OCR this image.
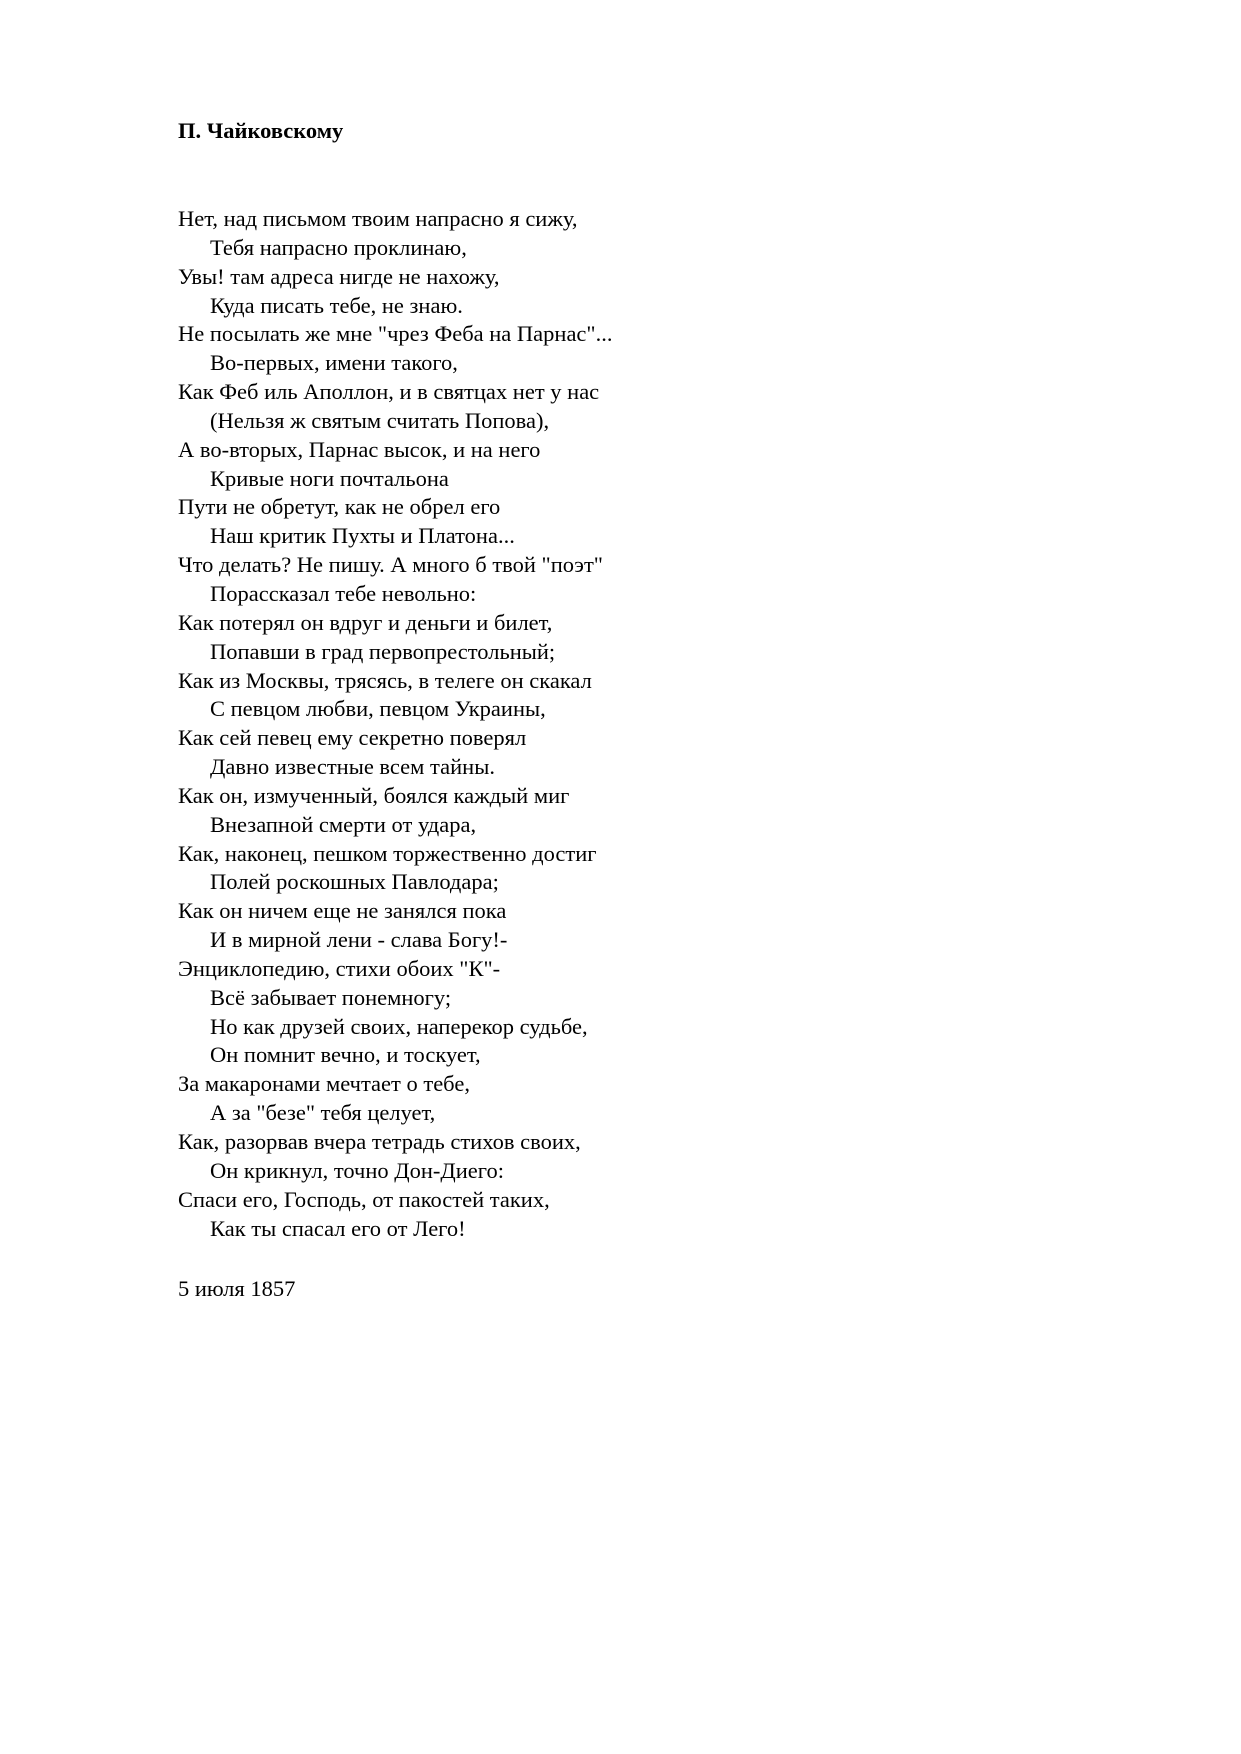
П. Чайковскому
Нет, над письмом твоим напрасно я сижу,
Тебя напрасно проклинаю,
Увы! там адреса нигде не нахожу,
Куда писать тебе, не знаю.
Не посылать же мне "чрез Феба на Парнас"...
Во-первых, имени такого,
Как Феб иль Аполлон, и в святцах нет у нас
(Нельзя ж святым считать Попова),
А во-вторых, Парнас высок, и на него
Кривые ноги почтальона
Пути не обретут, как не обрел его
Наш критик Пухты и Платона...
Что делать? Не пишу. А много б твой "поэт"
Порассказал тебе невольно:
Как потерял он вдруг и деньги и билет,
Попавши в град первопрестольный;
Как из Москвы, трясясь, в телеге он скакал
С певцом любви, певцом Украины,
Как сей певец ему секретно поверял
Давно известные всем тайны.
Как он, измученный, боялся каждый миг
Внезапной смерти от удара,
Как, наконец, пешком торжественно достиг
Полей роскошных Павлодара;
Как он ничем еще не занялся пока
И в мирной лени - слава Богу!-
Энциклопедию, стихи обоих "К"-
Всё забывает понемногу;
Но как друзей своих, наперекор судьбе,
Он помнит вечно, и тоскует,
За макаронами мечтает о тебе,
А за "безе" тебя целует,
Как, разорвав вчера тетрадь стихов своих,
Он крикнул, точно Дон-Диего:
Спаси его, Господь, от пакостей таких,
Как ты спасал его от Лего!
5 июля 1857
